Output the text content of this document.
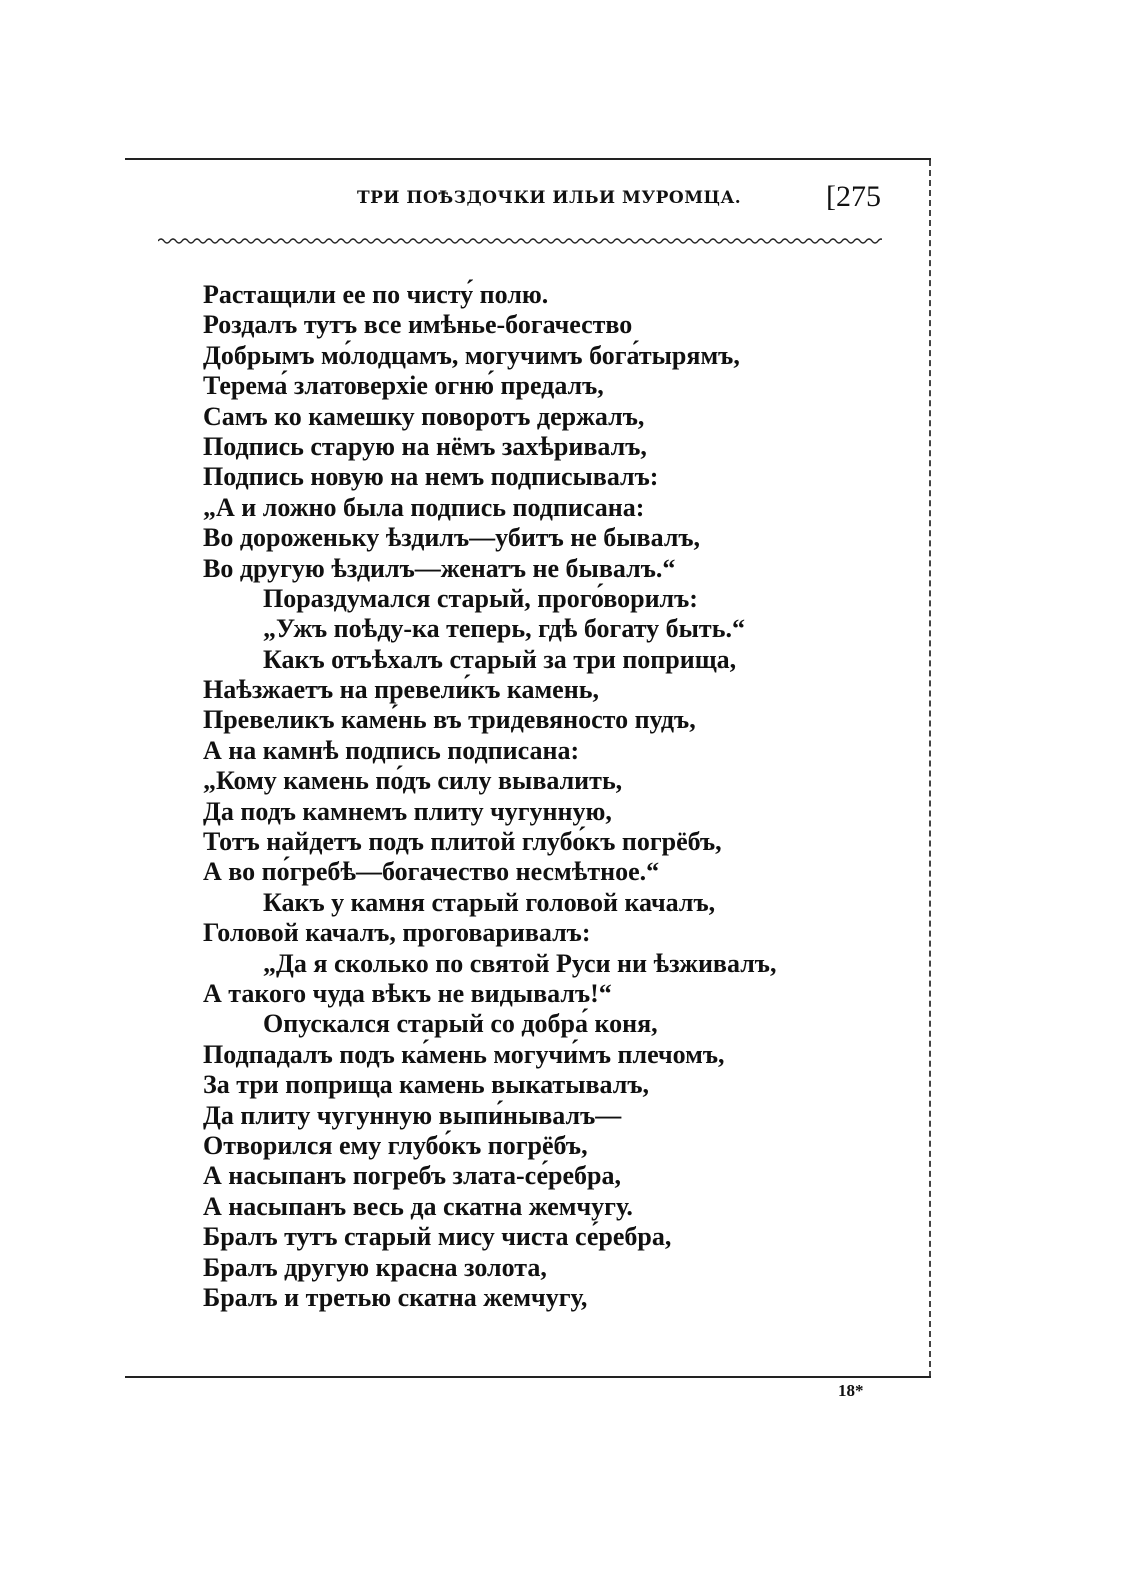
ТРИ ПОѢЗДОЧКИ ИЛЬИ МУРОМЦА.	[275
Растащили ее по чисту́ полю.
Роздалъ тутъ все имѣнье-богачество
Добрымъ мо́лодцамъ, могучимъ бога́тырямъ,
Терема́ златоверхіе огню́ предалъ,
Самъ ко камешку поворотъ держалъ,
Подпись старую на нёмъ захѣривалъ,
Подпись новую на немъ подписывалъ:
„А и ложно была подпись подписана:
Во дороженьку ѣздилъ—убитъ не бывалъ,
Во другую ѣздилъ—женатъ не бывалъ.“
Пораздумался старый, прого́ворилъ:
„Ужъ поѣду-ка теперь, гдѣ богату быть.“
Какъ отъѣхалъ старый за три поприща,
Наѣзжаетъ на превели́къ камень,
Превеликъ каме́нь въ тридевяносто пудъ,
А на камнѣ подпись подписана:
„Кому камень по́дъ силу вывалить,
Да подъ камнемъ плиту чугунную,
Тотъ найдетъ подъ плитой глубо́къ погрёбъ,
А во по́гребѣ—богачество несмѣтное.“
Какъ у камня старый головой качалъ,
Головой качалъ, проговаривалъ:
„Да я сколько по святой Руси ни ѣзживалъ,
А такого чуда вѣкъ не видывалъ!“
Опускался старый со добра́ коня,
Подпадалъ подъ ка́мень могучи́мъ плечомъ,
За три поприща камень выкатывалъ,
Да плиту чугунную выпи́нывалъ—
Отворился ему глубо́къ погрёбъ,
А насыпанъ погребъ злата-се́ребра,
А насыпанъ весь да скатна жемчугу.
Бралъ тутъ старый мису чиста се́ребра,
Бралъ другую красна золота,
Бралъ и третью скатна жемчугу,
18*
